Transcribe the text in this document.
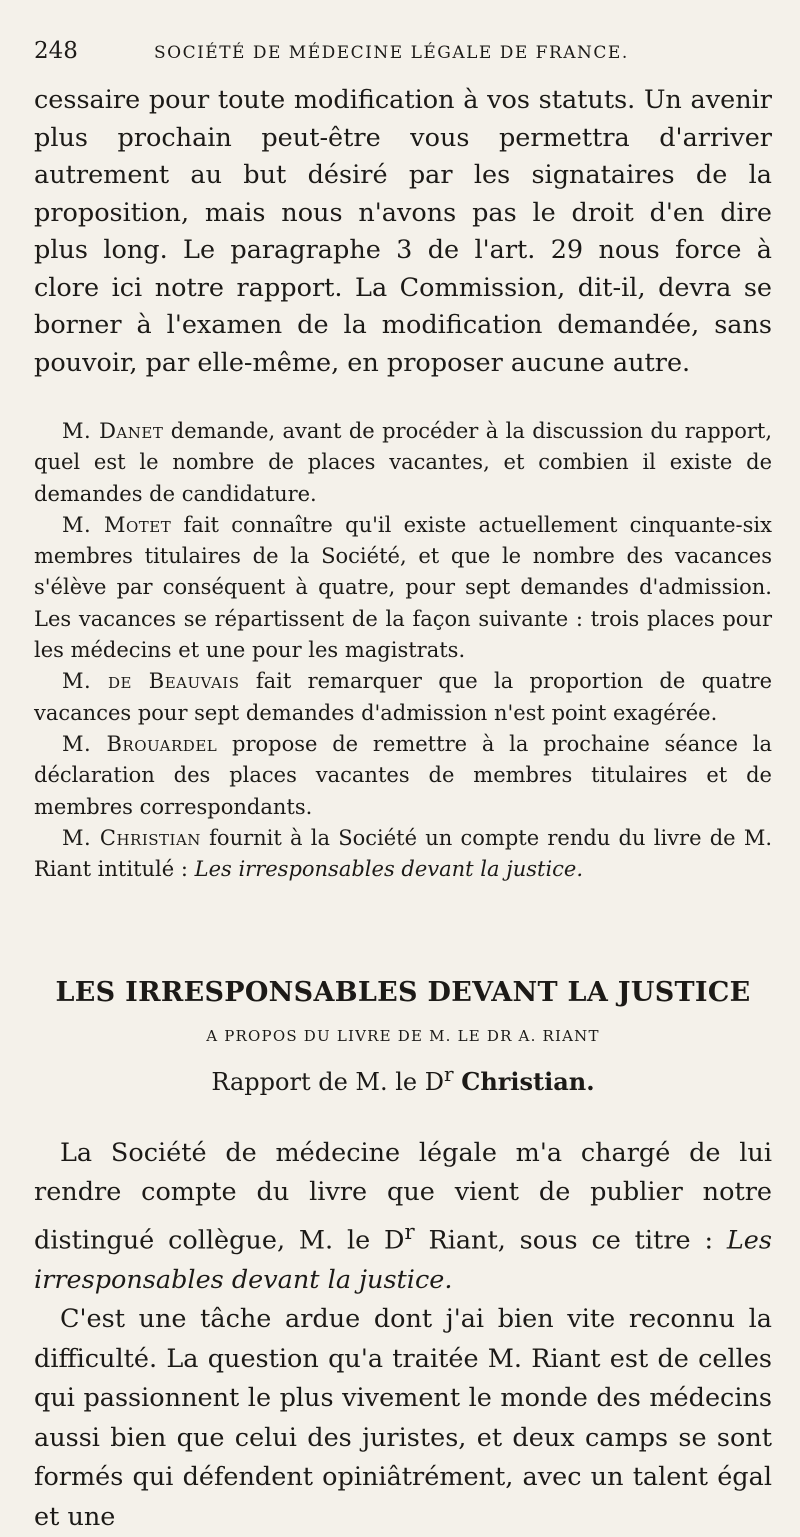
248	SOCIÉTÉ DE MÉDECINE LÉGALE DE FRANCE.

cessaire pour toute modification à vos statuts. Un avenir plus prochain peut-être vous permettra d'arriver autrement au but désiré par les signataires de la proposition, mais nous n'avons pas le droit d'en dire plus long. Le paragraphe 3 de l'art. 29 nous force à clore ici notre rapport. La Commission, dit-il, devra se borner à l'examen de la modification demandée, sans pouvoir, par elle-même, en proposer aucune autre.

M. Danet demande, avant de procéder à la discussion du rapport, quel est le nombre de places vacantes, et combien il existe de demandes de candidature.

M. Motet fait connaître qu'il existe actuellement cinquante-six membres titulaires de la Société, et que le nombre des vacances s'élève par conséquent à quatre, pour sept demandes d'admission. Les vacances se répartissent de la façon suivante : trois places pour les médecins et une pour les magistrats.

M. de Beauvais fait remarquer que la proportion de quatre vacances pour sept demandes d'admission n'est point exagérée.

M. Brouardel propose de remettre à la prochaine séance la déclaration des places vacantes de membres titulaires et de membres correspondants.

M. Christian fournit à la Société un compte rendu du livre de M. Riant intitulé : Les irresponsables devant la justice.

LES IRRESPONSABLES DEVANT LA JUSTICE
A PROPOS DU LIVRE DE M. LE DR A. RIANT
Rapport de M. le $D^r$ Christian.

La Société de médecine légale m'a chargé de lui rendre compte du livre que vient de publier notre distingué collègue, M. le $D^r$ Riant, sous ce titre : Les irresponsables devant la justice.

C'est une tâche ardue dont j'ai bien vite reconnu la difficulté. La question qu'a traitée M. Riant est de celles qui passionnent le plus vivement le monde des médecins aussi bien que celui des juristes, et deux camps se sont formés qui défendent opiniâtrément, avec un talent égal et une
